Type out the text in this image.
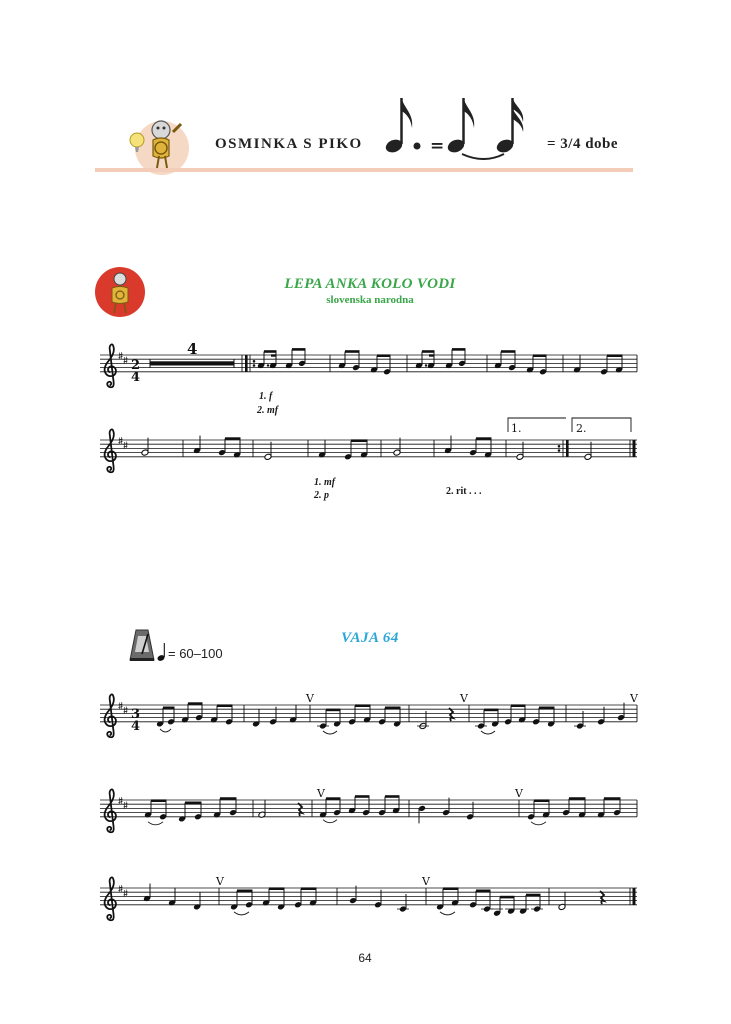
OSMINKA S PIKO	=	= 3/4 dobe
LEPA ANKA KOLO VODI
slovenska narodna
2
4
4
3
4
1.	2.
V	V	V
V	V
V	V
1. f
2. mf
1. mf
2. p	2. rit . . .
= 60–100
VAJA 64
64
